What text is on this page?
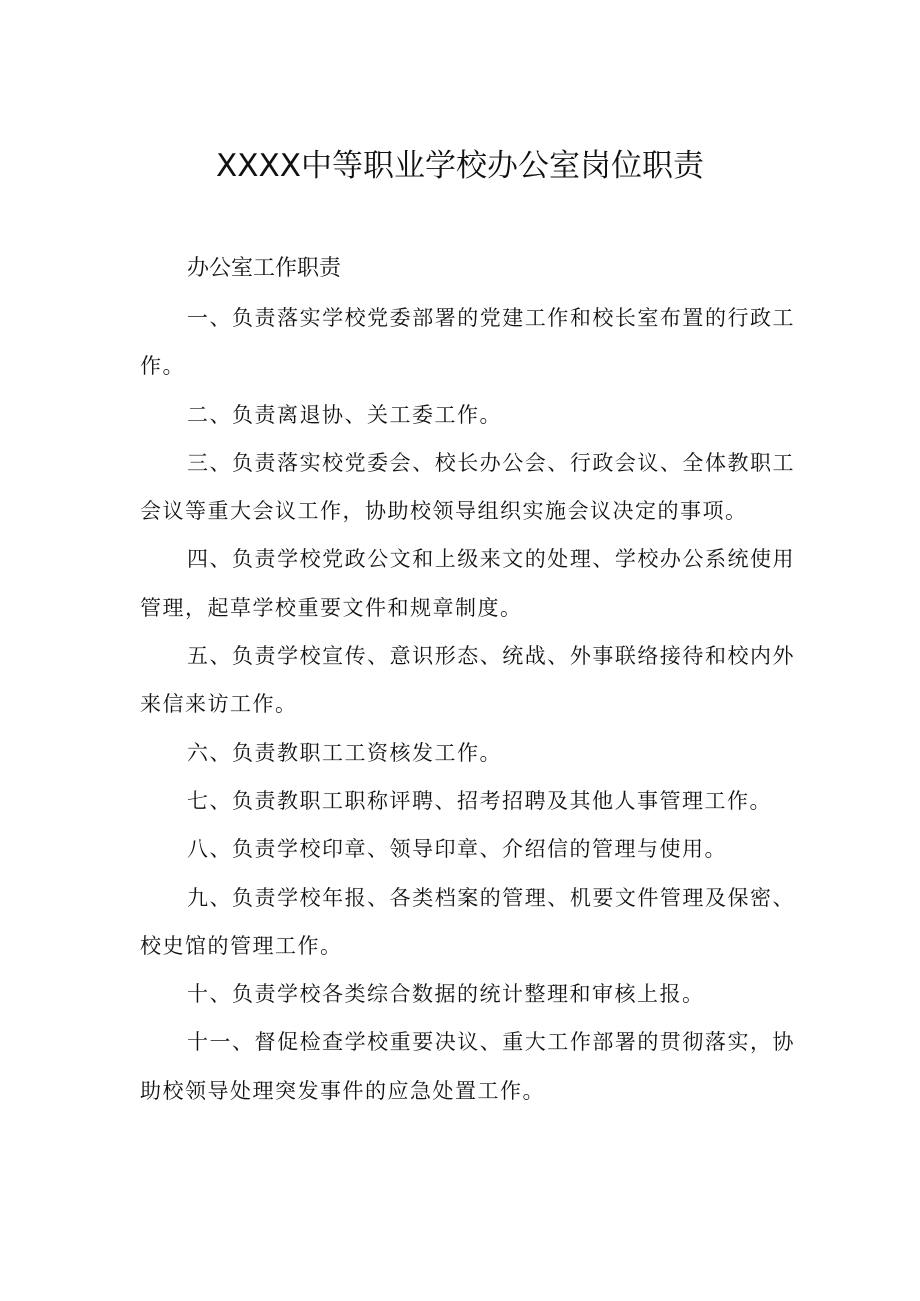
XXXX中等职业学校办公室岗位职责
办公室工作职责

一、负责落实学校党委部署的党建工作和校长室布置的行政工作。

二、负责离退协、关工委工作。

三、负责落实校党委会、校长办公会、行政会议、全体教职工会议等重大会议工作，协助校领导组织实施会议决定的事项。

四、负责学校党政公文和上级来文的处理、学校办公系统使用管理，起草学校重要文件和规章制度。

五、负责学校宣传、意识形态、统战、外事联络接待和校内外来信来访工作。

六、负责教职工工资核发工作。

七、负责教职工职称评聘、招考招聘及其他人事管理工作。

八、负责学校印章、领导印章、介绍信的管理与使用。

九、负责学校年报、各类档案的管理、机要文件管理及保密、校史馆的管理工作。

十、负责学校各类综合数据的统计整理和审核上报。

十一、督促检查学校重要决议、重大工作部署的贯彻落实，协助校领导处理突发事件的应急处置工作。
